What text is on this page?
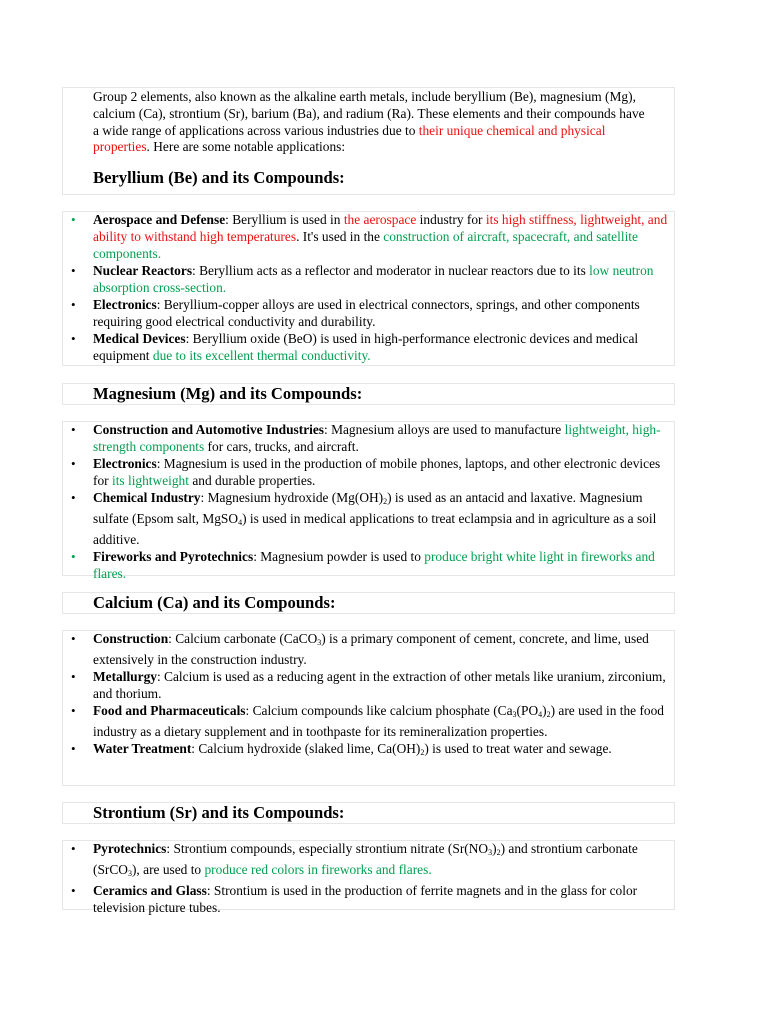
Group 2 elements, also known as the alkaline earth metals, include beryllium (Be), magnesium (Mg), calcium (Ca), strontium (Sr), barium (Ba), and radium (Ra). These elements and their compounds have a wide range of applications across various industries due to their unique chemical and physical properties. Here are some notable applications:

Beryllium (Be) and its Compounds:
• Aerospace and Defense: Beryllium is used in the aerospace industry for its high stiffness, lightweight, and ability to withstand high temperatures. It's used in the construction of aircraft, spacecraft, and satellite components.
• Nuclear Reactors: Beryllium acts as a reflector and moderator in nuclear reactors due to its low neutron absorption cross-section.
• Electronics: Beryllium-copper alloys are used in electrical connectors, springs, and other components requiring good electrical conductivity and durability.
• Medical Devices: Beryllium oxide (BeO) is used in high-performance electronic devices and medical equipment due to its excellent thermal conductivity.
Magnesium (Mg) and its Compounds:
• Construction and Automotive Industries: Magnesium alloys are used to manufacture lightweight, high-strength components for cars, trucks, and aircraft.
• Electronics: Magnesium is used in the production of mobile phones, laptops, and other electronic devices for its lightweight and durable properties.
• Chemical Industry: Magnesium hydroxide $(Mg(OH)_2)$ is used as an antacid and laxative. Magnesium sulfate (Epsom salt, MgSO$_4$) is used in medical applications to treat eclampsia and in agriculture as a soil additive.
• Fireworks and Pyrotechnics: Magnesium powder is used to produce bright white light in fireworks and flares.
Calcium (Ca) and its Compounds:
• Construction: Calcium carbonate (CaCO$_3$) is a primary component of cement, concrete, and lime, used extensively in the construction industry.
• Metallurgy: Calcium is used as a reducing agent in the extraction of other metals like uranium, zirconium, and thorium.
• Food and Pharmaceuticals: Calcium compounds like calcium phosphate $(Ca_3(PO_4)_2)$ are used in the food industry as a dietary supplement and in toothpaste for its remineralization properties.
• Water Treatment: Calcium hydroxide (slaked lime, $Ca(OH)_2$) is used to treat water and sewage.
Strontium (Sr) and its Compounds:
• Pyrotechnics: Strontium compounds, especially strontium nitrate $(Sr(NO_3)_2)$ and strontium carbonate (SrCO$_3$), are used to produce red colors in fireworks and flares.
• Ceramics and Glass: Strontium is used in the production of ferrite magnets and in the glass for color television picture tubes.
